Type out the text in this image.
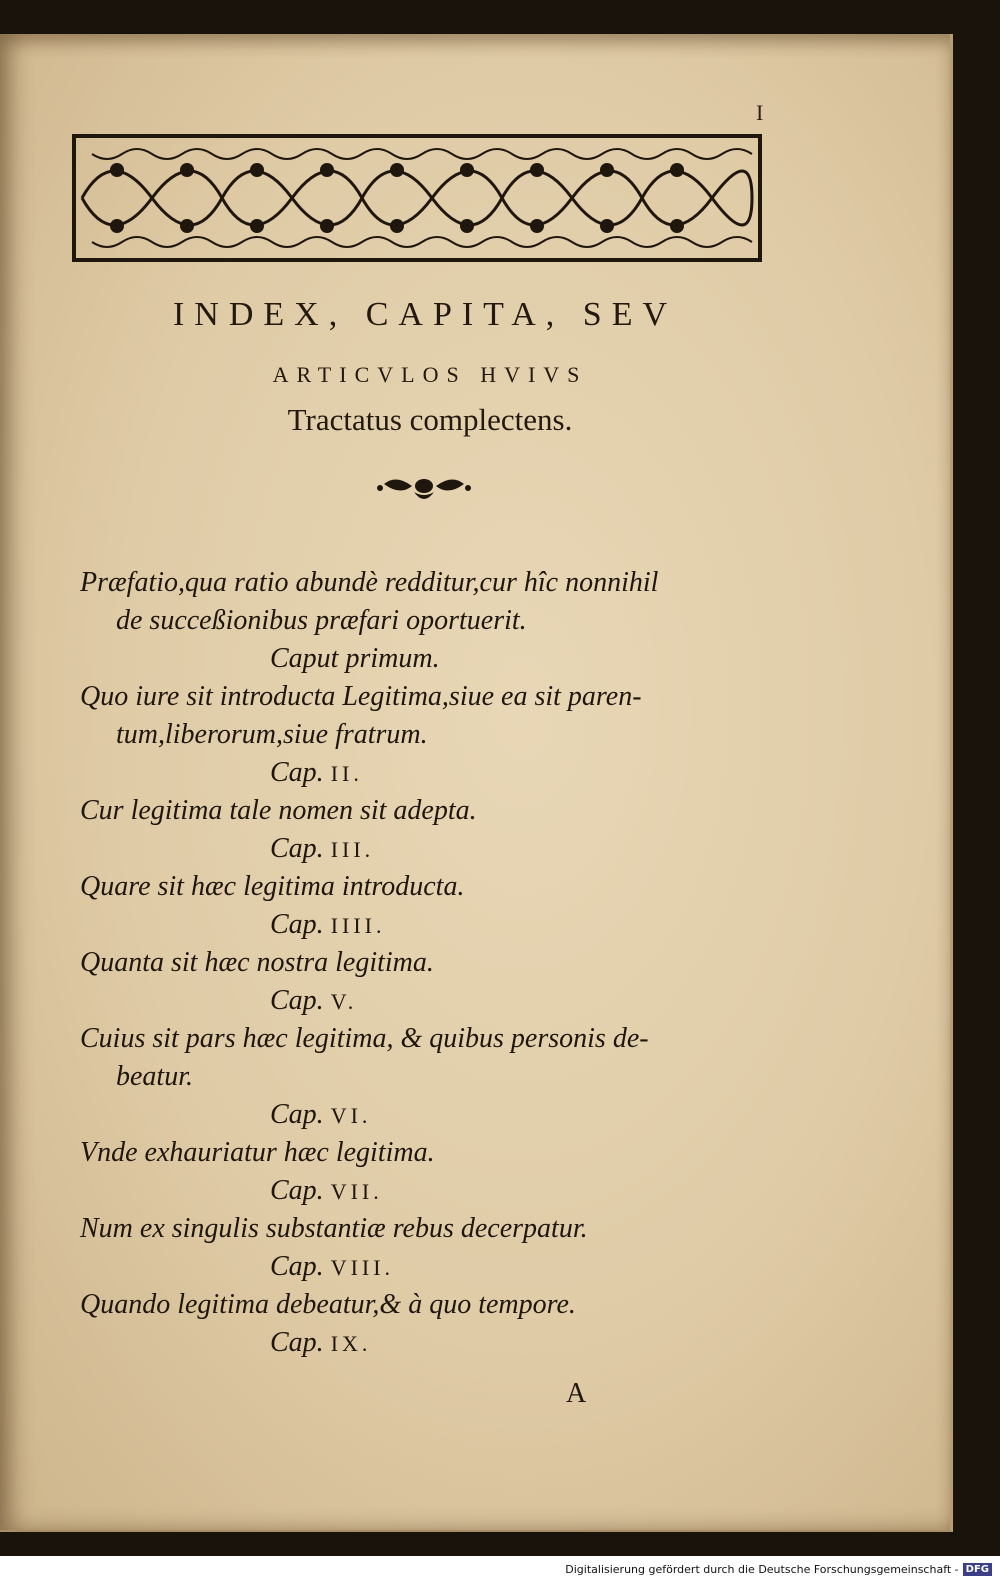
I
INDEX, CAPITA, SEV
ARTICVLOS HVIVS
Tractatus complectens.
Præfatio,qua ratio abundè redditur,cur hîc nonnihil
de succeßionibus præfari oportuerit.
Caput primum.
Quo iure sit introducta Legitima,siue ea sit paren-
tum,liberorum,siue fratrum.
Cap. II.
Cur legitima tale nomen sit adepta.
Cap. III.
Quare sit hæc legitima introducta.
Cap. IIII.
Quanta sit hæc nostra legitima.
Cap. V.
Cuius sit pars hæc legitima, & quibus personis de-
beatur.
Cap. VI.
Vnde exhauriatur hæc legitima.
Cap. VII.
Num ex singulis substantiæ rebus decerpatur.
Cap. VIII.
Quando legitima debeatur,& à quo tempore.
Cap. IX.
A
Digitalisierung gefördert durch die Deutsche Forschungsgemeinschaft - DFG
